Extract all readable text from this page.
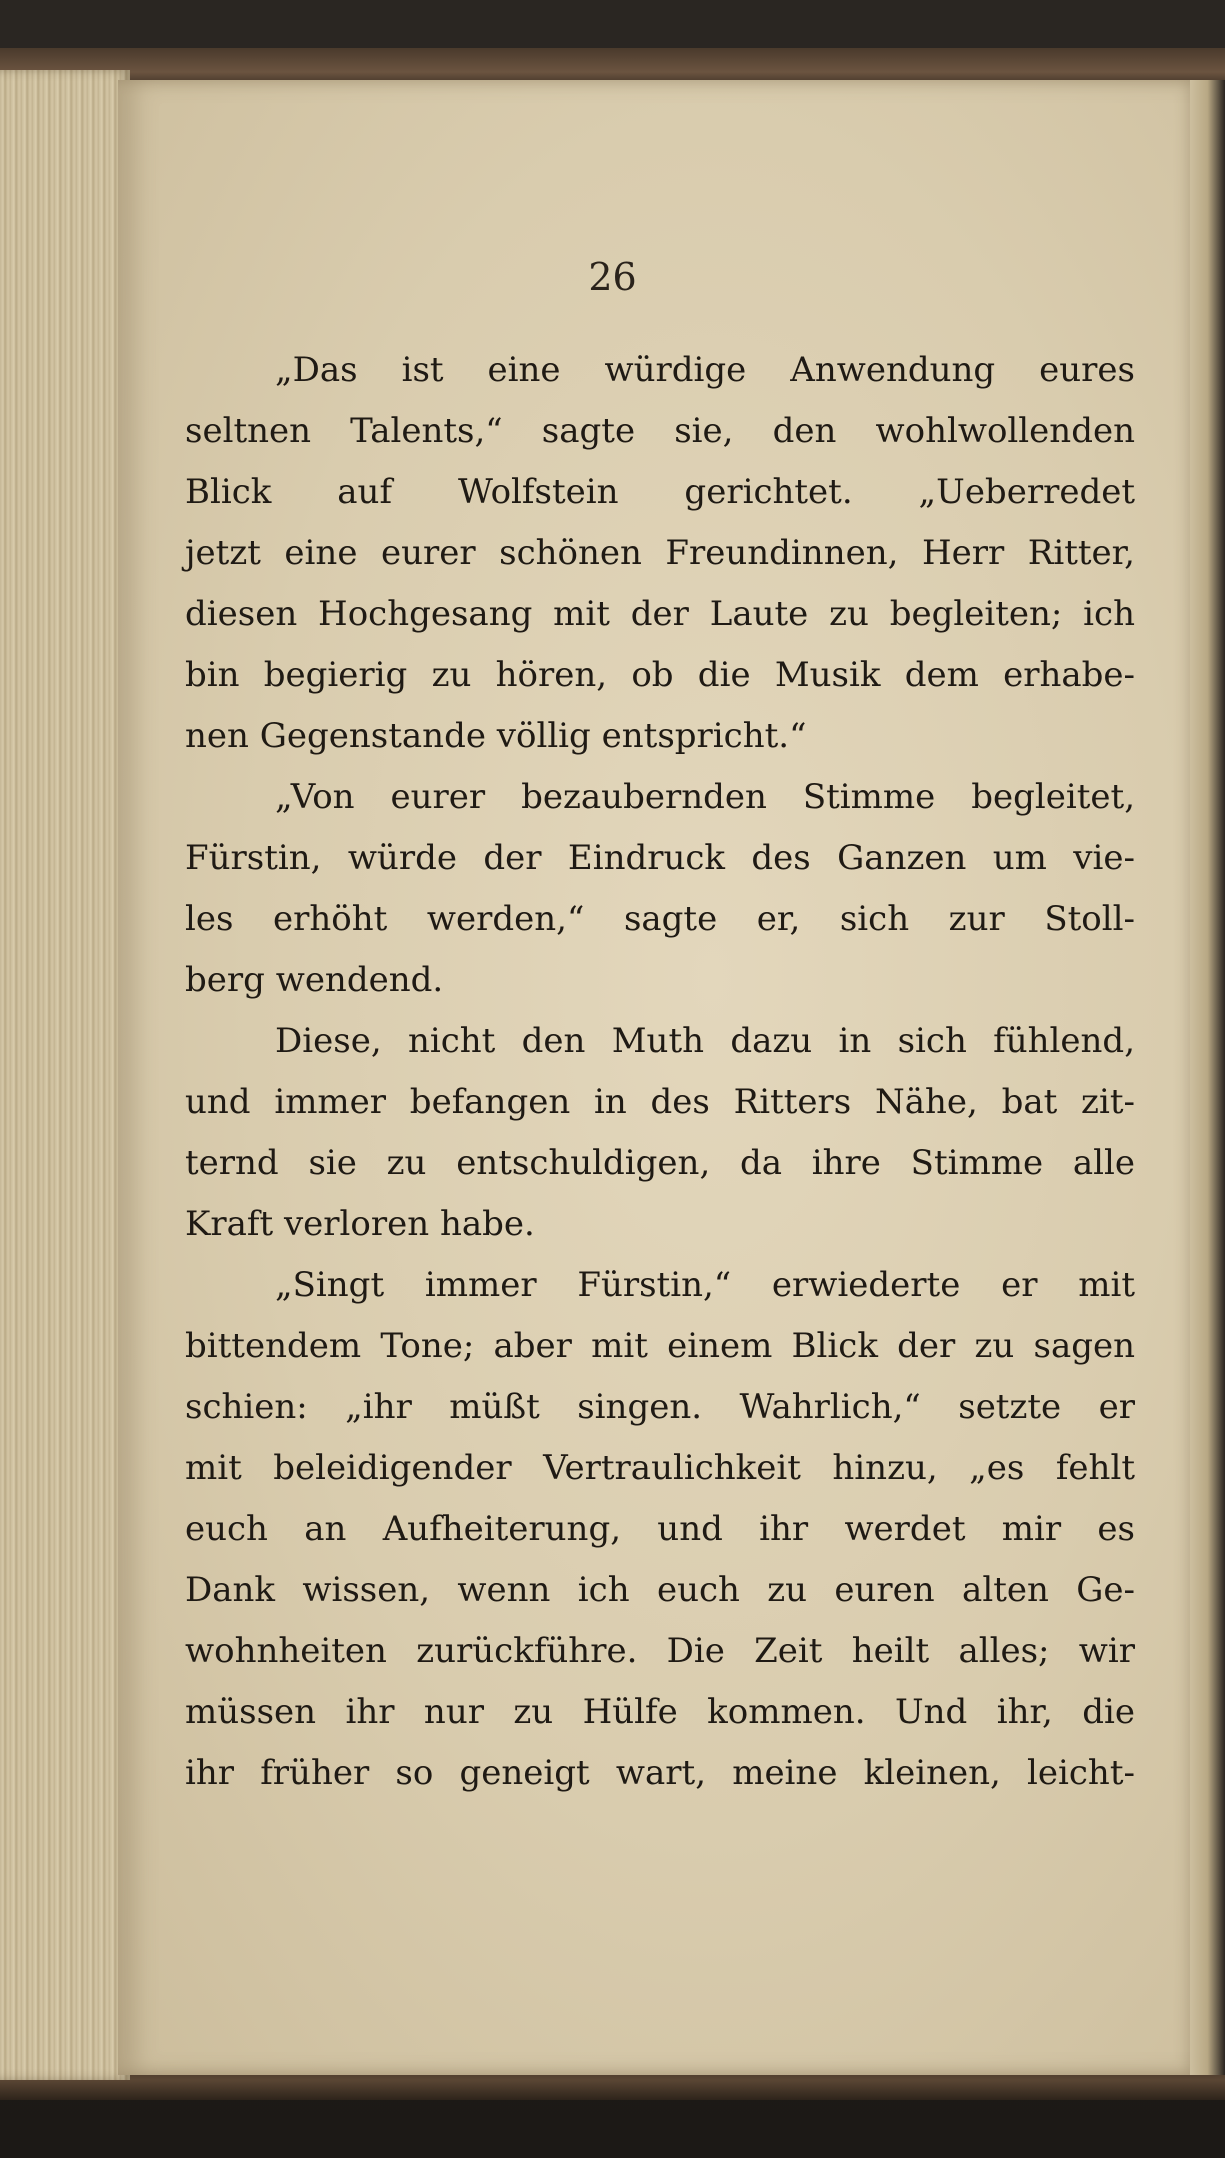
26
„Das ist eine würdige Anwendung eures
seltnen Talents,“ sagte sie, den wohlwollenden
Blick auf Wolfstein gerichtet. „Ueberredet
jetzt eine eurer schönen Freundinnen, Herr Ritter,
diesen Hochgesang mit der Laute zu begleiten; ich
bin begierig zu hören, ob die Musik dem erhabe-
nen Gegenstande völlig entspricht.“
„Von eurer bezaubernden Stimme begleitet,
Fürstin, würde der Eindruck des Ganzen um vie-
les erhöht werden,“ sagte er, sich zur Stoll-
berg wendend.
Diese, nicht den Muth dazu in sich fühlend,
und immer befangen in des Ritters Nähe, bat zit-
ternd sie zu entschuldigen, da ihre Stimme alle
Kraft verloren habe.
„Singt immer Fürstin,“ erwiederte er mit
bittendem Tone; aber mit einem Blick der zu sagen
schien: „ihr müßt singen. Wahrlich,“ setzte er
mit beleidigender Vertraulichkeit hinzu, „es fehlt
euch an Aufheiterung, und ihr werdet mir es
Dank wissen, wenn ich euch zu euren alten Ge-
wohnheiten zurückführe. Die Zeit heilt alles; wir
müssen ihr nur zu Hülfe kommen. Und ihr, die
ihr früher so geneigt wart, meine kleinen, leicht-
